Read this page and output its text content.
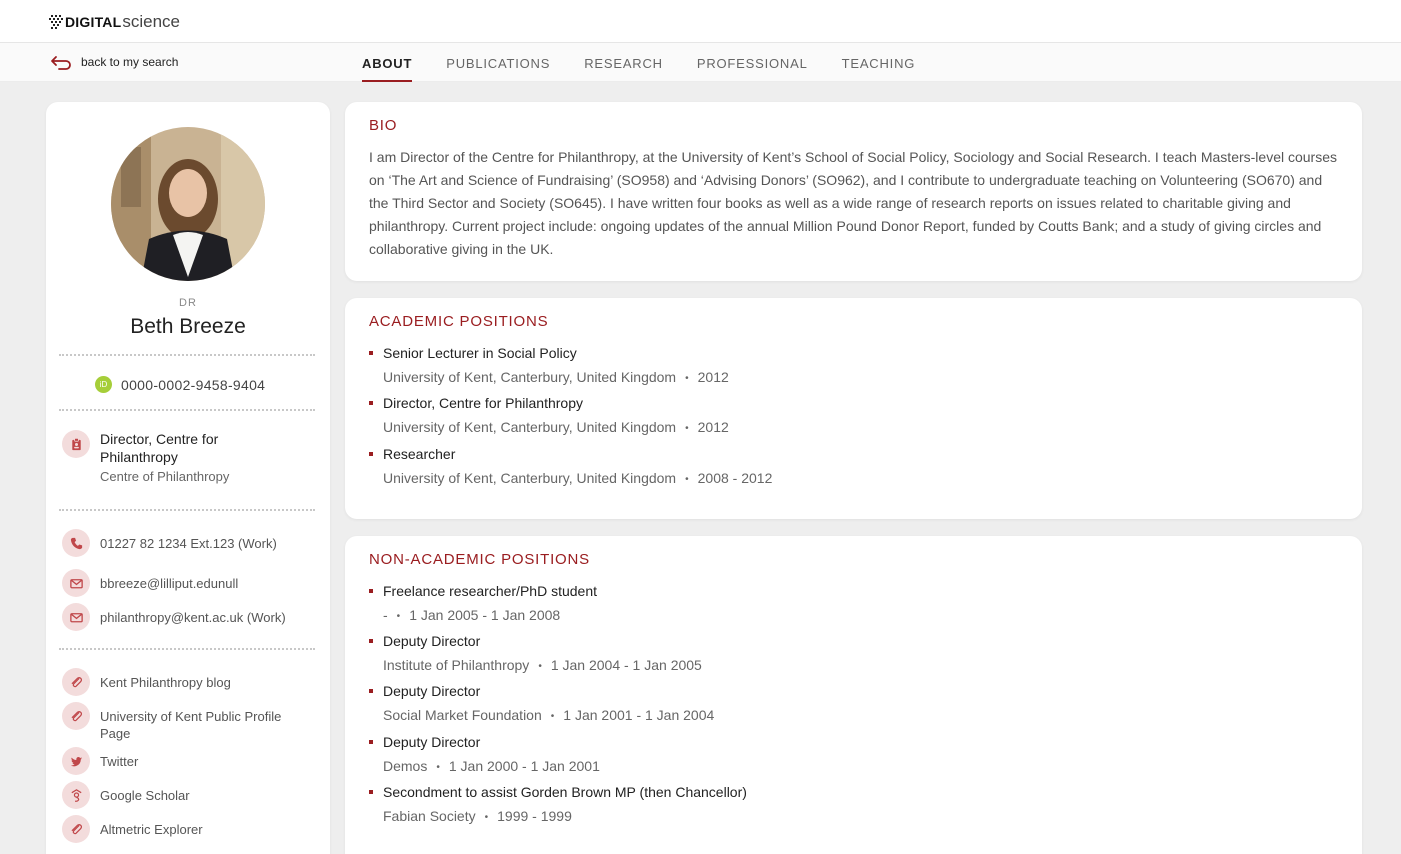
DIGITAL science
back to my search	ABOUT	PUBLICATIONS	RESEARCH	PROFESSIONAL	TEACHING
DR
Beth Breeze
iD 0000-0002-9458-9404
Director, Centre for Philanthropy
Centre of Philanthropy
01227 82 1234 Ext.123 (Work)
bbreeze@lilliput.edunull
philanthropy@kent.ac.uk (Work)
Kent Philanthropy blog
University of Kent Public Profile Page
Twitter
Google Scholar
Altmetric Explorer
BIO
I am Director of the Centre for Philanthropy, at the University of Kent’s School of Social Policy, Sociology and Social Research. I teach Masters-level courses on ‘The Art and Science of Fundraising’ (SO958) and ‘Advising Donors’ (SO962), and I contribute to undergraduate teaching on Volunteering (SO670) and the Third Sector and Society (SO645). I have written four books as well as a wide range of research reports on issues related to charitable giving and philanthropy. Current project include: ongoing updates of the annual Million Pound Donor Report, funded by Coutts Bank; and a study of giving circles and collaborative giving in the UK.
ACADEMIC POSITIONS
Senior Lecturer in Social Policy
University of Kent, Canterbury, United Kingdom • 2012
Director, Centre for Philanthropy
University of Kent, Canterbury, United Kingdom • 2012
Researcher
University of Kent, Canterbury, United Kingdom • 2008 - 2012
NON-ACADEMIC POSITIONS
Freelance researcher/PhD student
- • 1 Jan 2005 - 1 Jan 2008
Deputy Director
Institute of Philanthropy • 1 Jan 2004 - 1 Jan 2005
Deputy Director
Social Market Foundation • 1 Jan 2001 - 1 Jan 2004
Deputy Director
Demos • 1 Jan 2000 - 1 Jan 2001
Secondment to assist Gorden Brown MP (then Chancellor)
Fabian Society • 1999 - 1999
